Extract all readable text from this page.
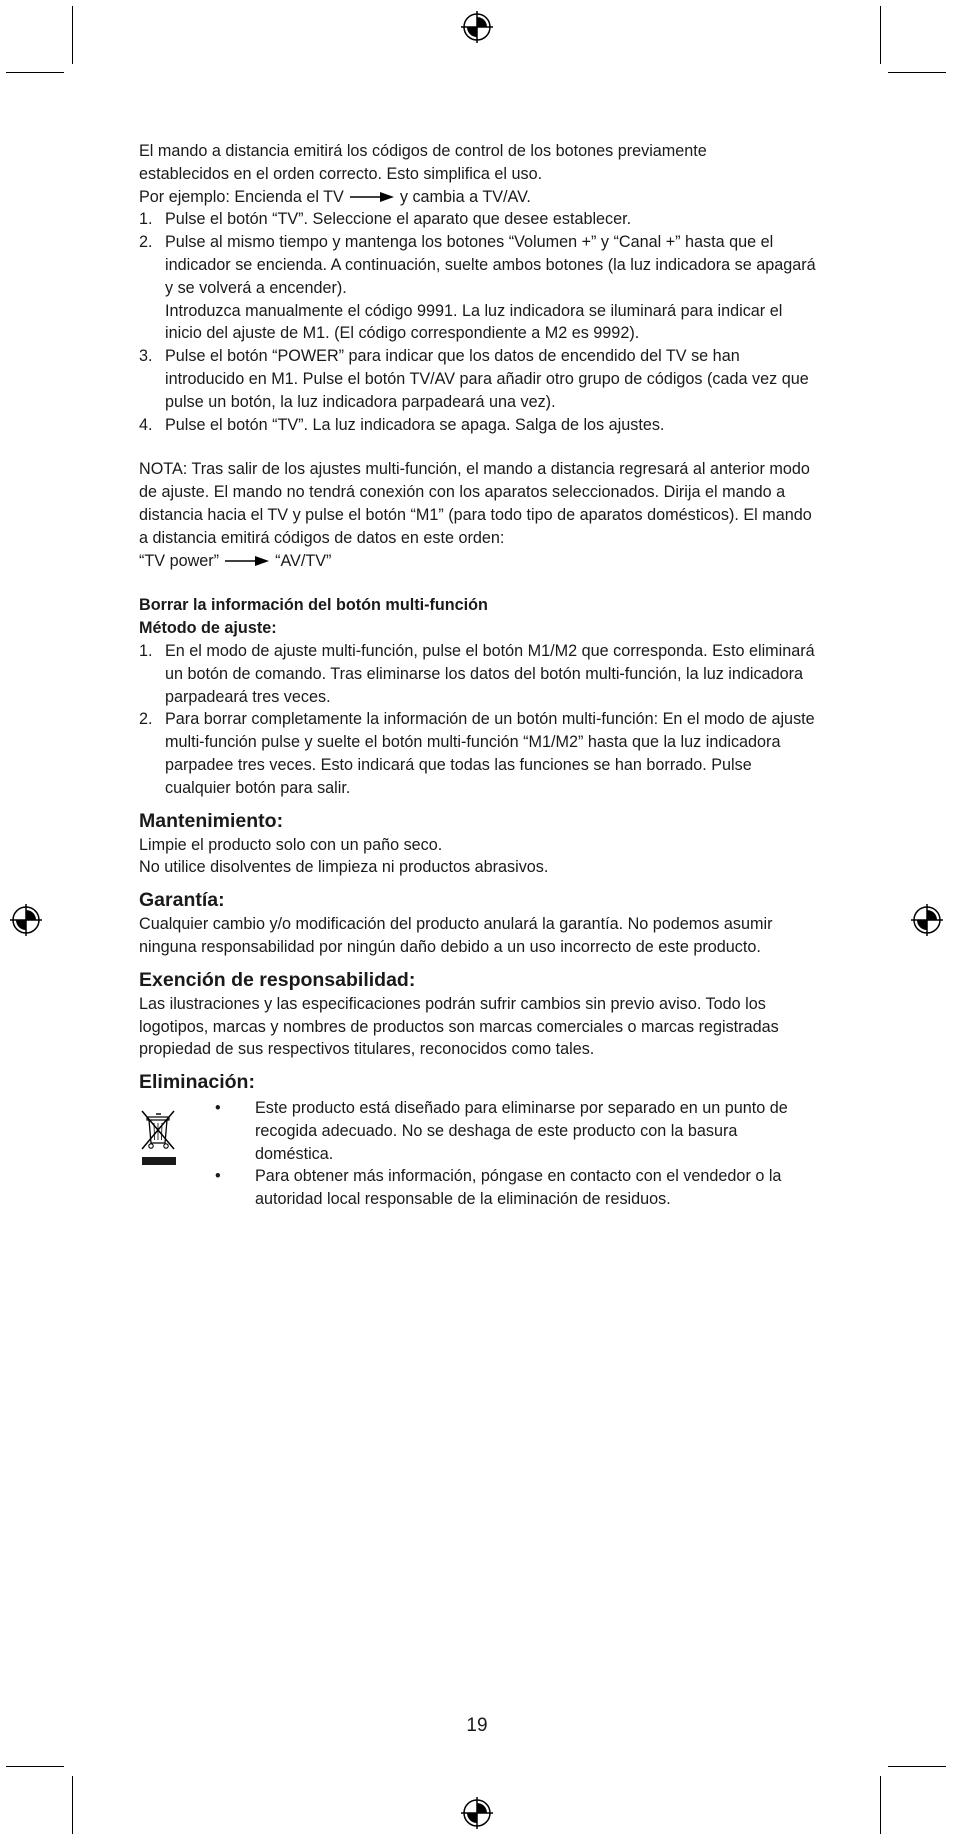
El mando a distancia emitirá los códigos de control de los botones previamente

establecidos en el orden correcto. Esto simplifica el uso.

Por ejemplo: Encienda el TV	y cambia a TV/AV.

1. Pulse el botón “TV”. Seleccione el aparato que desee establecer.
2. Pulse al mismo tiempo y mantenga los botones “Volumen +” y “Canal +” hasta que el indicador se encienda. A continuación, suelte ambos botones (la luz indicadora se apagará y se volverá a encender).
Introduzca manualmente el código 9991. La luz indicadora se iluminará para indicar el inicio del ajuste de M1. (El código correspondiente a M2 es 9992).
3. Pulse el botón “POWER” para indicar que los datos de encendido del TV se han introducido en M1. Pulse el botón TV/AV para añadir otro grupo de códigos (cada vez que pulse un botón, la luz indicadora parpadeará una vez).
4. Pulse el botón “TV”. La luz indicadora se apaga. Salga de los ajustes.

NOTA: Tras salir de los ajustes multi-función, el mando a distancia regresará al anterior modo de ajuste. El mando no tendrá conexión con los aparatos seleccionados. Dirija el mando a distancia hacia el TV y pulse el botón “M1” (para todo tipo de aparatos domésticos). El mando a distancia emitirá códigos de datos en este orden:

“TV power”	“AV/TV”

Borrar la información del botón multi-función

Método de ajuste:

1. En el modo de ajuste multi-función, pulse el botón M1/M2 que corresponda. Esto eliminará un botón de comando. Tras eliminarse los datos del botón multi-función, la luz indicadora parpadeará tres veces.
2. Para borrar completamente la información de un botón multi-función: En el modo de ajuste multi-función pulse y suelte el botón multi-función “M1/M2” hasta que la luz indicadora parpadee tres veces. Esto indicará que todas las funciones se han borrado. Pulse cualquier botón para salir.
Mantenimiento:

Limpie el producto solo con un paño seco.

No utilice disolventes de limpieza ni productos abrasivos.

Garantía:

Cualquier cambio y/o modificación del producto anulará la garantía. No podemos asumir ninguna responsabilidad por ningún daño debido a un uso incorrecto de este producto.

Exención de responsabilidad:

Las ilustraciones y las especificaciones podrán sufrir cambios sin previo aviso. Todo los logotipos, marcas y nombres de productos son marcas comerciales o marcas registradas propiedad de sus respectivos titulares, reconocidos como tales.

Eliminación:
• Este producto está diseñado para eliminarse por separado en un punto de recogida adecuado. No se deshaga de este producto con la basura doméstica.
• Para obtener más información, póngase en contacto con el vendedor o la autoridad local responsable de la eliminación de residuos.
19
